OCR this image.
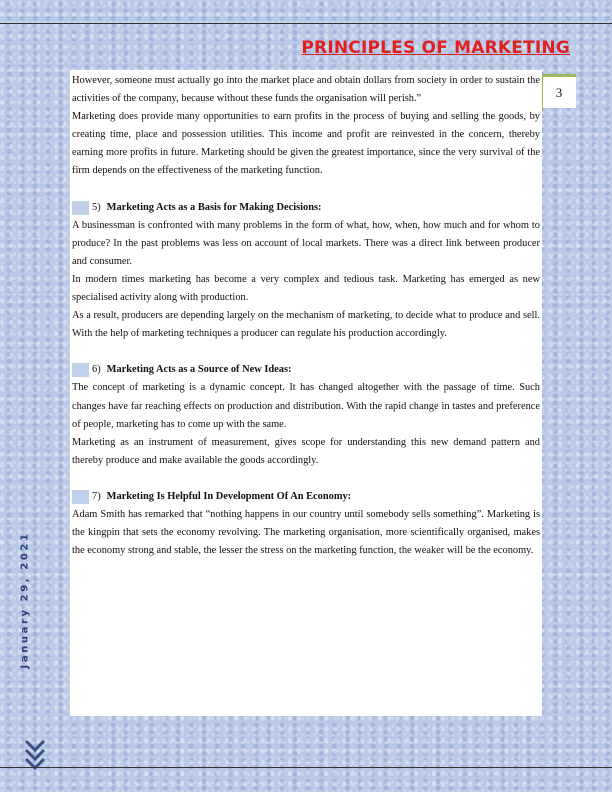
PRINCIPLES OF MARKETING
3

However, someone must actually go into the market place and obtain dollars from society in order to sustain the activities of the company, because without these funds the organisation will perish.”

Marketing does provide many opportunities to earn profits in the process of buying and selling the goods, by creating time, place and possession utilities. This income and profit are reinvested in the concern, thereby earning more profits in future. Marketing should be given the greatest importance, since the very survival of the firm depends on the effectiveness of the marketing function.

5) Marketing Acts as a Basis for Making Decisions:

A businessman is confronted with many problems in the form of what, how, when, how much and for whom to produce? In the past problems was less on account of local markets. There was a direct link between producer and consumer.

In modern times marketing has become a very complex and tedious task. Marketing has emerged as new specialised activity along with production.

As a result, producers are depending largely on the mechanism of marketing, to decide what to produce and sell. With the help of marketing techniques a producer can regulate his production accordingly.

6) Marketing Acts as a Source of New Ideas:

The concept of marketing is a dynamic concept. It has changed altogether with the passage of time. Such changes have far reaching effects on production and distribution. With the rapid change in tastes and preference of people, marketing has to come up with the same.

Marketing as an instrument of measurement, gives scope for understanding this new demand pattern and thereby produce and make available the goods accordingly.

7) Marketing Is Helpful In Development Of An Economy:

Adam Smith has remarked that “nothing happens in our country until somebody sells something”. Marketing is the kingpin that sets the economy revolving. The marketing organisation, more scientifically organised, makes the economy strong and stable, the lesser the stress on the marketing function, the weaker will be the economy.

January 29, 2021
